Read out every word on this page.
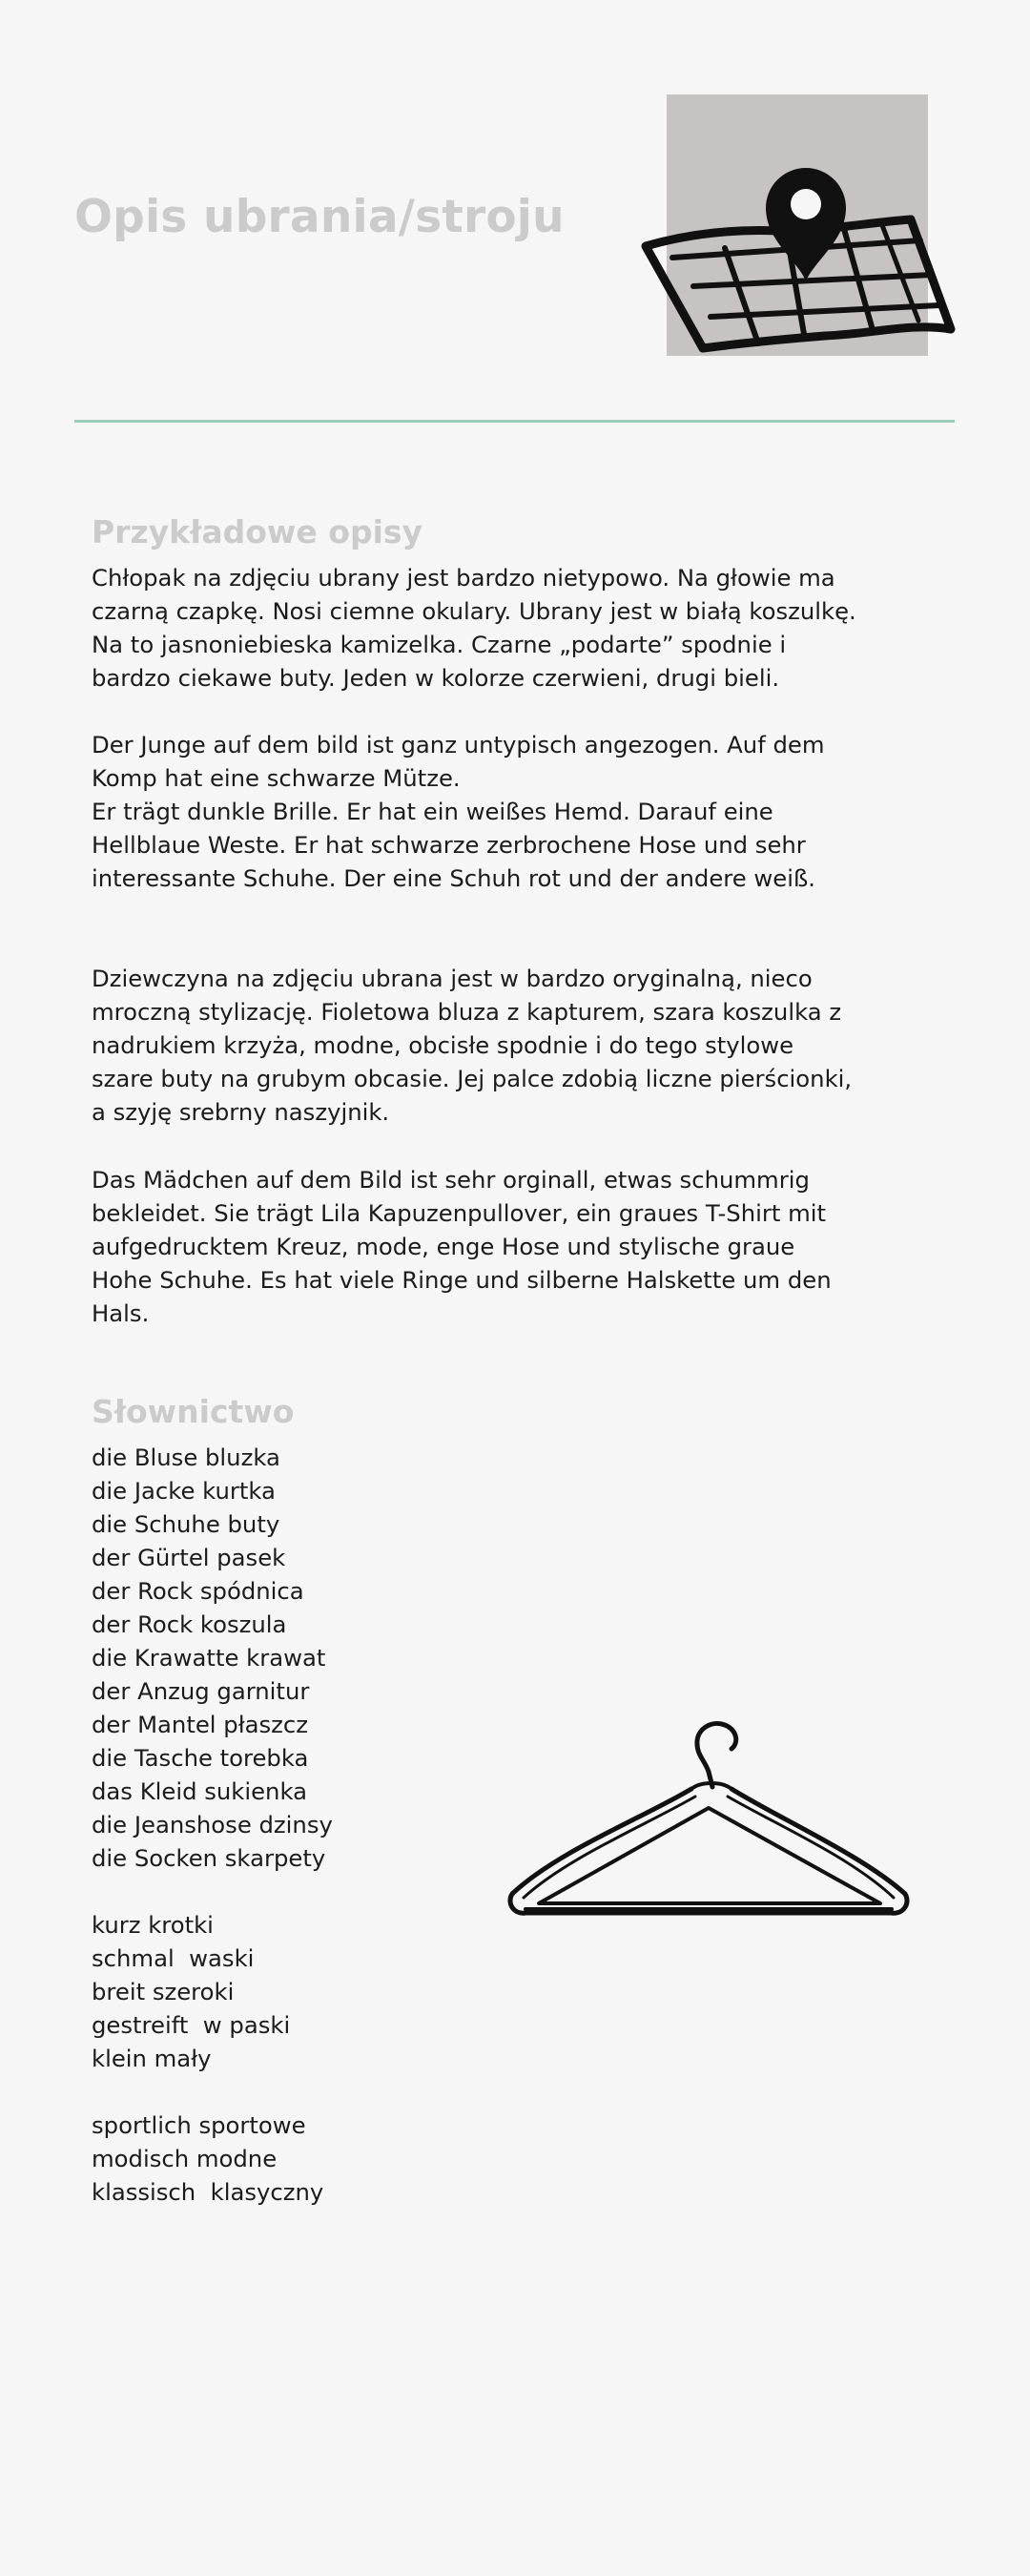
Opis ubrania/stroju
Przykładowe opisy

Chłopak na zdjęciu ubrany jest bardzo nietypowo. Na głowie ma
czarną czapkę. Nosi ciemne okulary. Ubrany jest w białą koszulkę.
Na to jasnoniebieska kamizelka. Czarne „podarte” spodnie i
bardzo ciekawe buty. Jeden w kolorze czerwieni, drugi bieli.

Der Junge auf dem bild ist ganz untypisch angezogen. Auf dem
Komp hat eine schwarze Mütze.
Er trägt dunkle Brille. Er hat ein weißes Hemd. Darauf eine
Hellblaue Weste. Er hat schwarze zerbrochene Hose und sehr
interessante Schuhe. Der eine Schuh rot und der andere weiß.

Dziewczyna na zdjęciu ubrana jest w bardzo oryginalną, nieco
mroczną stylizację. Fioletowa bluza z kapturem, szara koszulka z
nadrukiem krzyża, modne, obcisłe spodnie i do tego stylowe
szare buty na grubym obcasie. Jej palce zdobią liczne pierścionki,
a szyję srebrny naszyjnik.

Das Mädchen auf dem Bild ist sehr orginall, etwas schummrig
bekleidet. Sie trägt Lila Kapuzenpullover, ein graues T-Shirt mit
aufgedrucktem Kreuz, mode, enge Hose und stylische graue
Hohe Schuhe. Es hat viele Ringe und silberne Halskette um den
Hals.

Słownictwo
die Bluse bluzka
die Jacke kurtka
die Schuhe buty
der Gürtel pasek
der Rock spódnica
der Rock koszula
die Krawatte krawat
der Anzug garnitur
der Mantel płaszcz
die Tasche torebka
das Kleid sukienka
die Jeanshose dzinsy
die Socken skarpety
kurz krotki
schmal  waski
breit szeroki
gestreift  w paski
klein mały
sportlich sportowe
modisch modne
klassisch  klasyczny
